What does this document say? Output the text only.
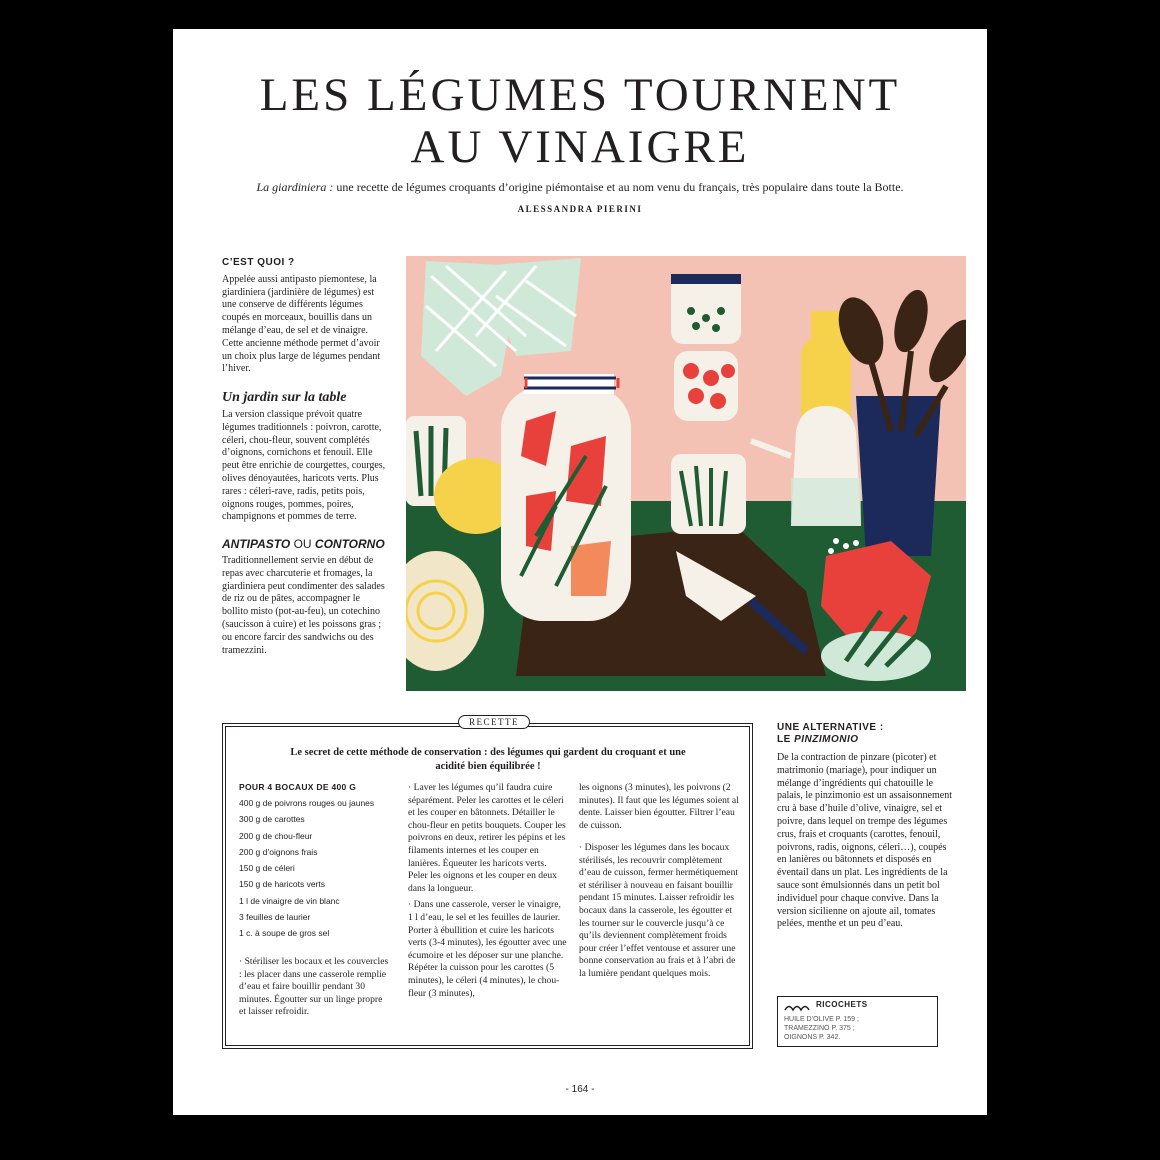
LES LÉGUMES TOURNENT
AU VINAIGRE
La giardiniera : une recette de légumes croquants d’origine piémontaise et au nom venu du français, très populaire dans toute la Botte.
ALESSANDRA PIERINI
C’EST QUOI ?

Appelée aussi antipasto piemontese, la giardiniera (jardinière de légumes) est une conserve de différents légumes coupés en morceaux, bouillis dans un mélange d’eau, de sel et de vinaigre. Cette ancienne méthode permet d’avoir un choix plus large de légumes pendant l’hiver.

Un jardin sur la table

La version classique prévoit quatre légumes traditionnels : poivron, carotte, céleri, chou-fleur, souvent complétés d’oignons, cornichons et fenouil. Elle peut être enrichie de courgettes, courges, olives dénoyautées, haricots verts. Plus rares : céleri-rave, radis, petits pois, oignons rouges, pommes, poires, champignons et pommes de terre.

ANTIPASTO OU CONTORNO

Traditionnellement servie en début de repas avec charcuterie et fromages, la giardiniera peut condimenter des salades de riz ou de pâtes, accompagner le bollito misto (pot-au-feu), un cotechino (saucisson à cuire) et les poissons gras ; ou encore farcir des sandwichs ou des tramezzini.

RECETTE
Le secret de cette méthode de conservation : des légumes qui gardent du croquant et une acidité bien équilibrée !
POUR 4 BOCAUX DE 400 G
400 g de poivrons rouges ou jaunes
300 g de carottes
200 g de chou-fleur
200 g d’oignons frais
150 g de céleri
150 g de haricots verts
1 l de vinaigre de vin blanc
3 feuilles de laurier
1 c. à soupe de gros sel

· Stériliser les bocaux et les couvercles : les placer dans une casserole remplie d’eau et faire bouillir pendant 30 minutes. Égoutter sur un linge propre et laisser refroidir.

· Laver les légumes qu’il faudra cuire séparément. Peler les carottes et le céleri et les couper en bâtonnets. Détailler le chou-fleur en petits bouquets. Couper les poivrons en deux, retirer les pépins et les filaments internes et les couper en lanières. Équeuter les haricots verts. Peler les oignons et les couper en deux dans la longueur.

· Dans une casserole, verser le vinaigre, 1 l d’eau, le sel et les feuilles de laurier. Porter à ébullition et cuire les haricots verts (3-4 minutes), les égoutter avec une écumoire et les déposer sur une planche. Répéter la cuisson pour les carottes (5 minutes), le céleri (4 minutes), le chou-fleur (3 minutes),

les oignons (3 minutes), les poivrons (2 minutes). Il faut que les légumes soient al dente. Laisser bien égoutter. Filtrer l’eau de cuisson.

· Disposer les légumes dans les bocaux stérilisés, les recouvrir complètement d’eau de cuisson, fermer hermétiquement et stériliser à nouveau en faisant bouillir pendant 15 minutes. Laisser refroidir les bocaux dans la casserole, les égoutter et les tourner sur le couvercle jusqu’à ce qu’ils deviennent complètement froids pour créer l’effet ventouse et assurer une bonne conservation au frais et à l’abri de la lumière pendant quelques mois.

UNE ALTERNATIVE :
LE PINZIMONIO
De la contraction de pinzare (picoter) et matrimonio (mariage), pour indiquer un mélange d’ingrédients qui chatouille le palais, le pinzimonio est un assaisonnement cru à base d’huile d’olive, vinaigre, sel et poivre, dans lequel on trempe des légumes crus, frais et croquants (carottes, fenouil, poivrons, radis, oignons, céleri…), coupés en lanières ou bâtonnets et disposés en éventail dans un plat. Les ingrédients de la sauce sont émulsionnés dans un petit bol individuel pour chaque convive. Dans la version sicilienne on ajoute ail, tomates pelées, menthe et un peu d’eau.
RICOCHETS
HUILE D’OLIVE P. 159 ;
TRAMEZZINO P. 375 ;
OIGNONS P. 342.
- 164 -
